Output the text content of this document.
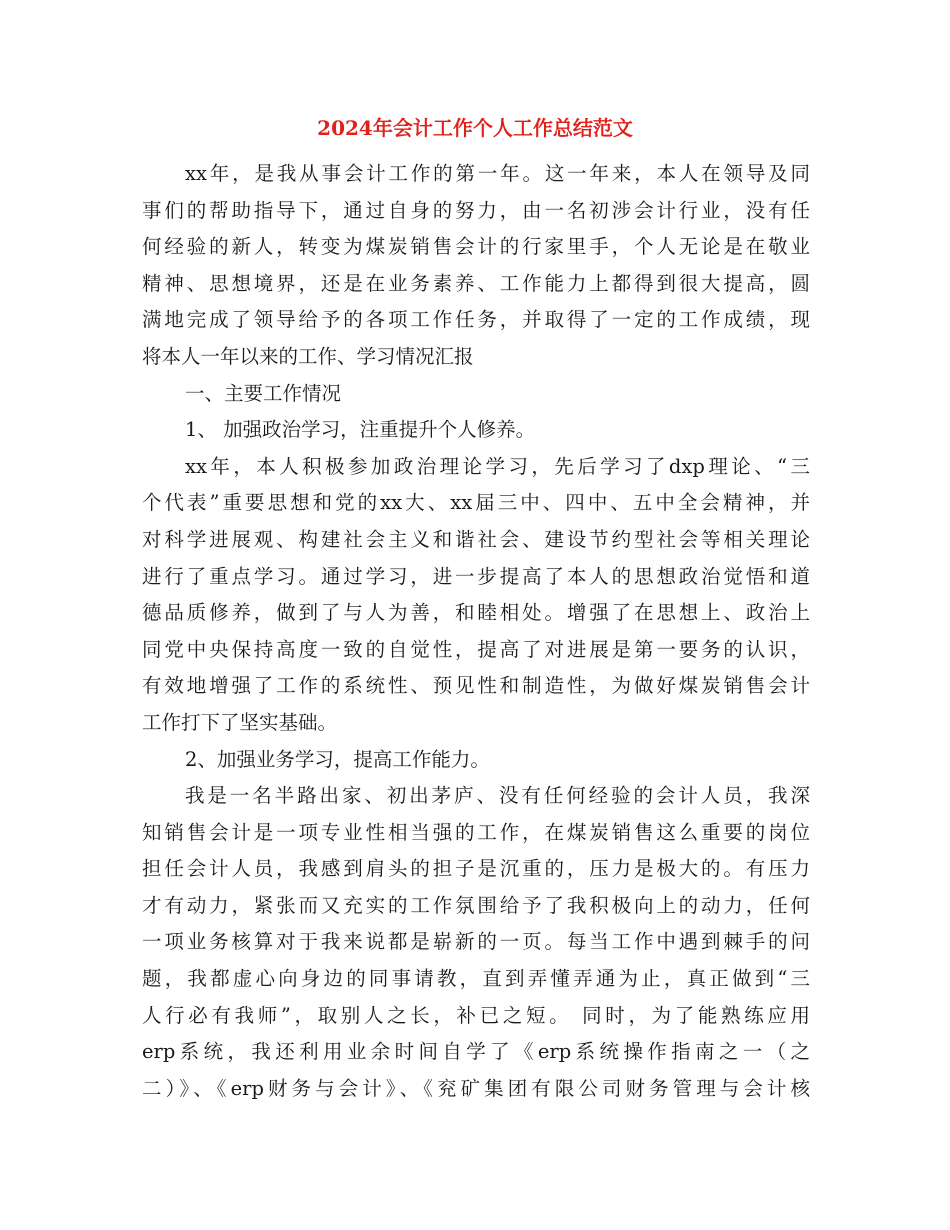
2024年会计工作个人工作总结范文
xx年，是我从事会计工作的第一年。这一年来，本人在领导及同
事们的帮助指导下，通过自身的努力，由一名初涉会计行业，没有任
何经验的新人，转变为煤炭销售会计的行家里手，个人无论是在敬业
精神、思想境界，还是在业务素养、工作能力上都得到很大提高，圆
满地完成了领导给予的各项工作任务，并取得了一定的工作成绩，现
将本人一年以来的工作、学习情况汇报
一、主要工作情况
1、 加强政治学习，注重提升个人修养。
xx年，本人积极参加政治理论学习，先后学习了dxp理论、“三
个代表”重要思想和党的xx大、xx届三中、四中、五中全会精神，并
对科学进展观、构建社会主义和谐社会、建设节约型社会等相关理论
进行了重点学习。通过学习，进一步提高了本人的思想政治觉悟和道
德品质修养，做到了与人为善，和睦相处。增强了在思想上、政治上
同党中央保持高度一致的自觉性，提高了对进展是第一要务的认识，
有效地增强了工作的系统性、预见性和制造性，为做好煤炭销售会计
工作打下了坚实基础。
2、加强业务学习，提高工作能力。
我是一名半路出家、初出茅庐、没有任何经验的会计人员，我深
知销售会计是一项专业性相当强的工作，在煤炭销售这么重要的岗位
担任会计人员，我感到肩头的担子是沉重的，压力是极大的。有压力
才有动力，紧张而又充实的工作氛围给予了我积极向上的动力，任何
一项业务核算对于我来说都是崭新的一页。每当工作中遇到棘手的问
题，我都虚心向身边的同事请教，直到弄懂弄通为止，真正做到“三
人行必有我师”，取别人之长，补已之短。 同时，为了能熟练应用
erp系统，我还利用业余时间自学了《erp系统操作指南之一（之
二）》、《erp财务与会计》、《兖矿集团有限公司财务管理与会计核
